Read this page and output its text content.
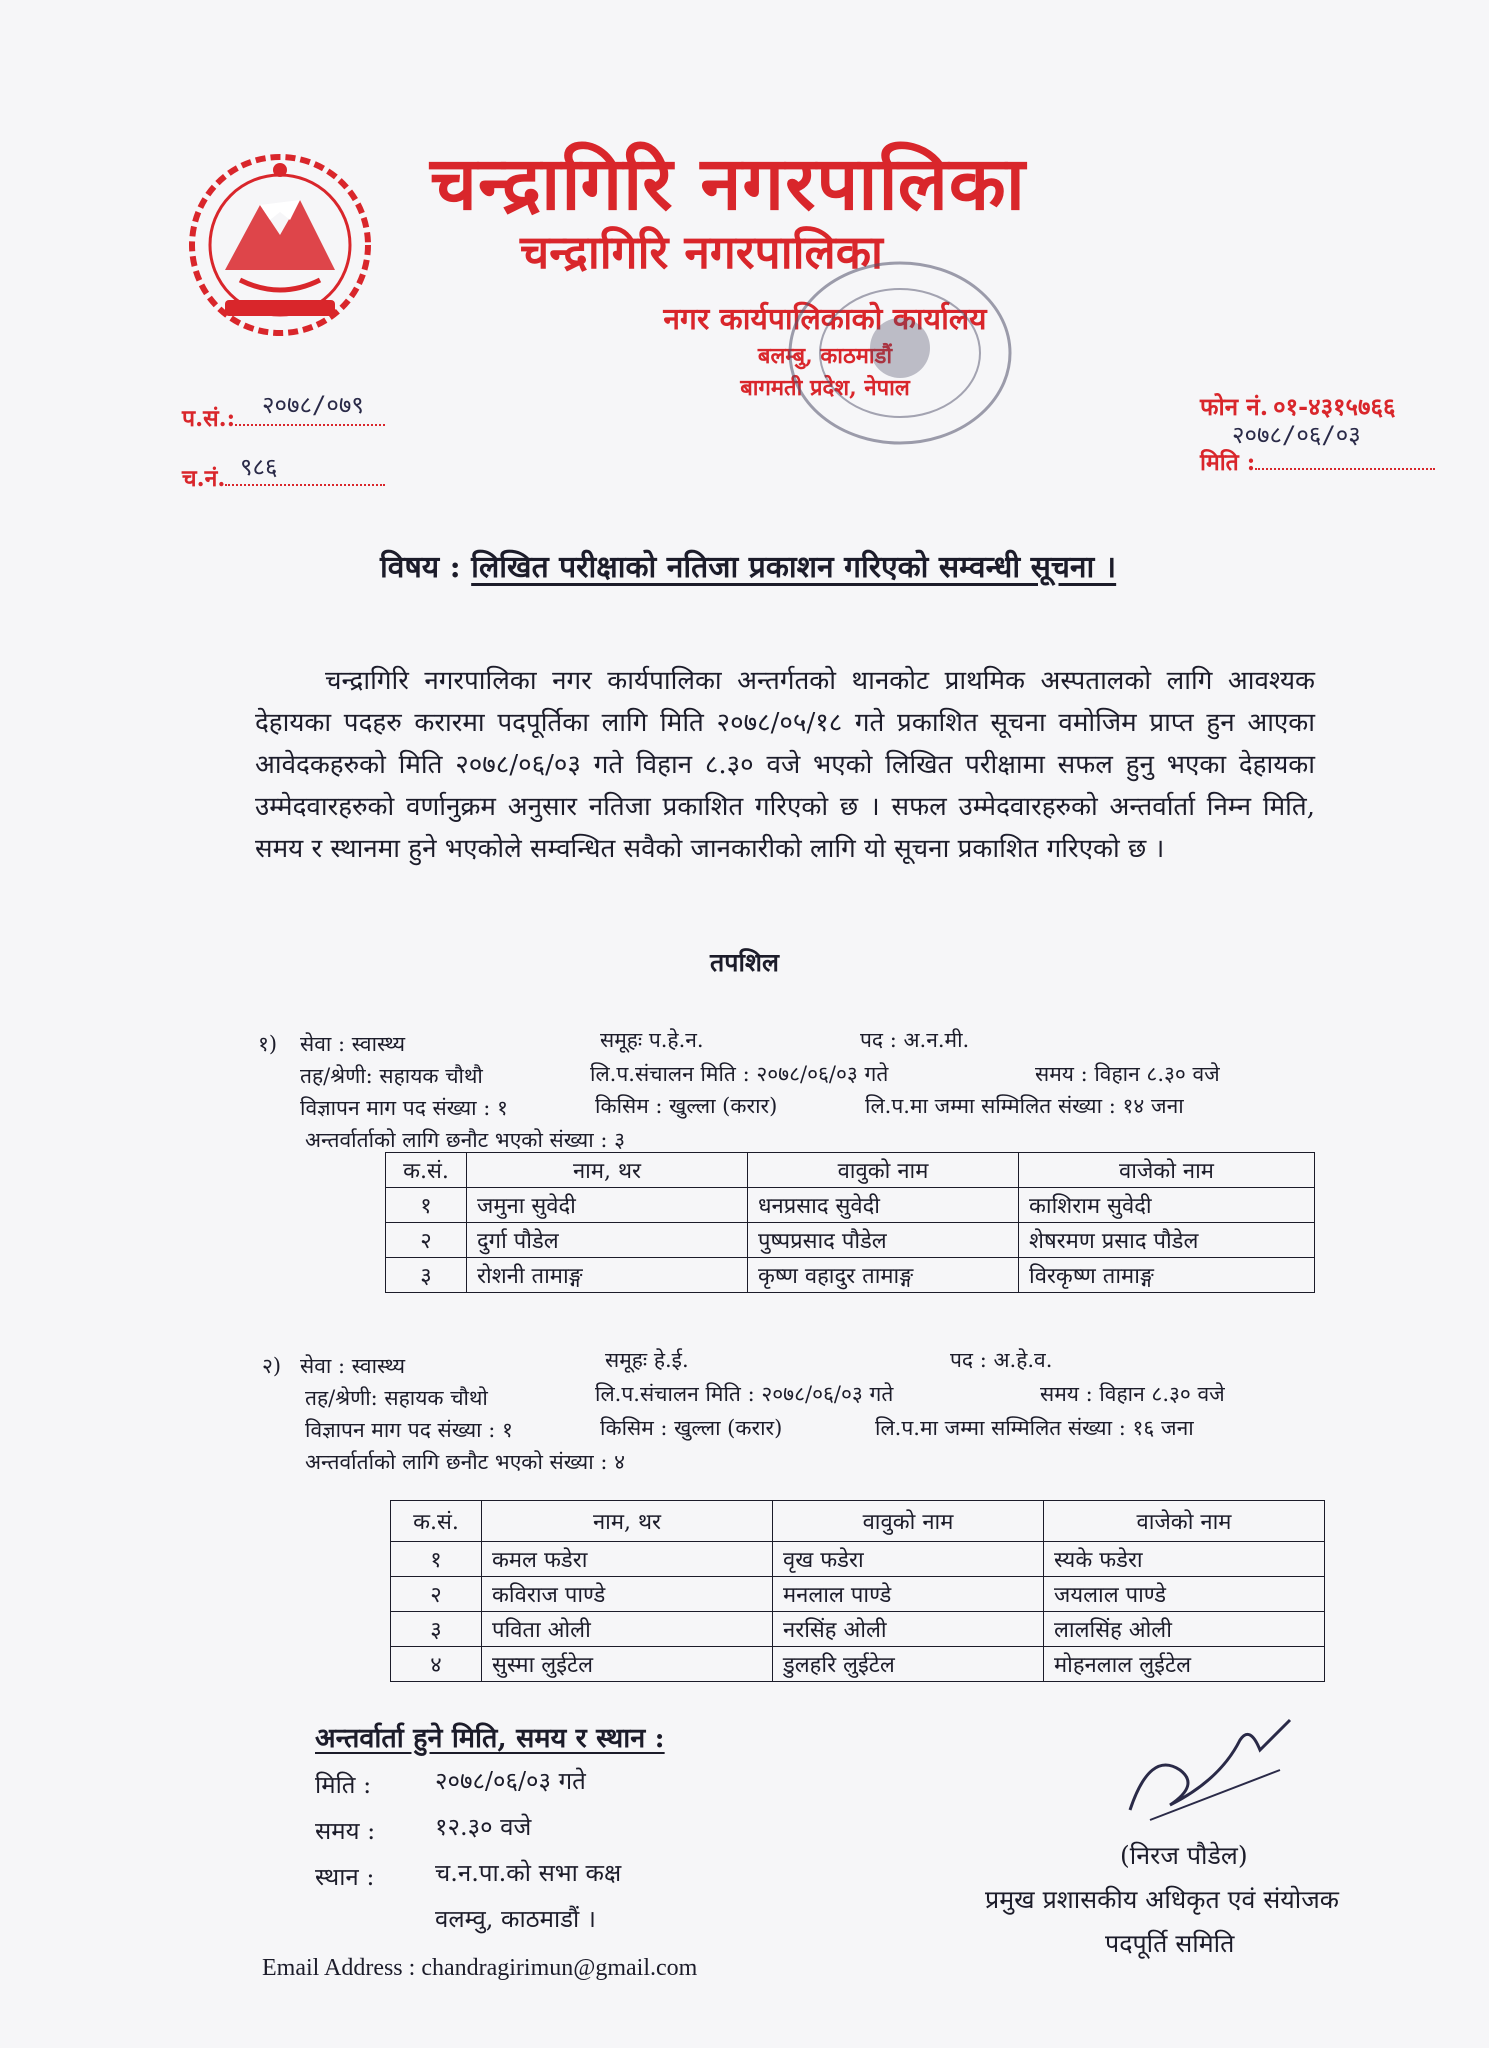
चन्द्रागिरि नगरपालिका
चन्द्रागिरि नगरपालिका
नगर कार्यपालिकाको कार्यालय
बलम्बु, काठमाडौं
बागमती प्रदेश, नेपाल
प.सं.:	२०७८/०७९
च.नं. ९८६
फोन नं. ०१-४३१५७६६
२०७८/०६/०३
मिति :
विषय : लिखित परीक्षाको नतिजा प्रकाशन गरिएको सम्वन्धी सूचना ।
चन्द्रागिरि नगरपालिका नगर कार्यपालिका अन्तर्गतको थानकोट प्राथमिक अस्पतालको लागि आवश्यक देहायका पदहरु करारमा पदपूर्तिका लागि मिति २०७८/०५/१८ गते प्रकाशित सूचना वमोजिम प्राप्त हुन आएका आवेदकहरुको मिति २०७८/०६/०३ गते विहान ८.३० वजे भएको लिखित परीक्षामा सफल हुनु भएका देहायका उम्मेदवारहरुको वर्णानुक्रम अनुसार नतिजा प्रकाशित गरिएको छ । सफल उम्मेदवारहरुको अन्तर्वार्ता निम्न मिति, समय र स्थानमा हुने भएकोले सम्वन्धित सवैको जानकारीको लागि यो सूचना प्रकाशित गरिएको छ ।
तपशिल
१) सेवा : स्वास्थ्य	समूहः प.हे.न.	पद : अ.न.मी.
तह/श्रेणी: सहायक चौथौ	लि.प.संचालन मिति : २०७८/०६/०३ गते	समय : विहान ८.३० वजे
विज्ञापन माग पद संख्या : १	किसिम : खुल्ला (करार)	लि.प.मा जम्मा सम्मिलित संख्या : १४ जना
अन्तर्वार्ताको लागि छनौट भएको संख्या : ३
क.सं.	नाम, थर	वावुको नाम	वाजेको नाम
१	जमुना सुवेदी	धनप्रसाद सुवेदी	काशिराम सुवेदी
२	दुर्गा पौडेल	पुष्पप्रसाद पौडेल	शेषरमण प्रसाद पौडेल
३	रोशनी तामाङ्ग	कृष्ण वहादुर तामाङ्ग	विरकृष्ण तामाङ्ग
२) सेवा : स्वास्थ्य	समूहः हे.ई.	पद : अ.हे.व.
तह/श्रेणी: सहायक चौथो	लि.प.संचालन मिति : २०७८/०६/०३ गते	समय : विहान ८.३० वजे
विज्ञापन माग पद संख्या : १	किसिम : खुल्ला (करार)	लि.प.मा जम्मा सम्मिलित संख्या : १६ जना
अन्तर्वार्ताको लागि छनौट भएको संख्या : ४
क.सं.	नाम, थर	वावुको नाम	वाजेको नाम
१	कमल फडेरा	वृख फडेरा	स्यके फडेरा
२	कविराज पाण्डे	मनलाल पाण्डे	जयलाल पाण्डे
३	पविता ओली	नरसिंह ओली	लालसिंह ओली
४	सुस्मा लुईटेल	डुलहरि लुईटेल	मोहनलाल लुईटेल
अन्तर्वार्ता हुने मिति, समय र स्थान :
मिति :	२०७८/०६/०३ गते
समय : १२.३० वजे
स्थान :	च.न.पा.को सभा कक्ष
वलम्वु, काठमाडौं ।
(निरज पौडेल)
प्रमुख प्रशासकीय अधिकृत एवं संयोजक
पदपूर्ति समिति
Email Address : chandragirimun@gmail.com
